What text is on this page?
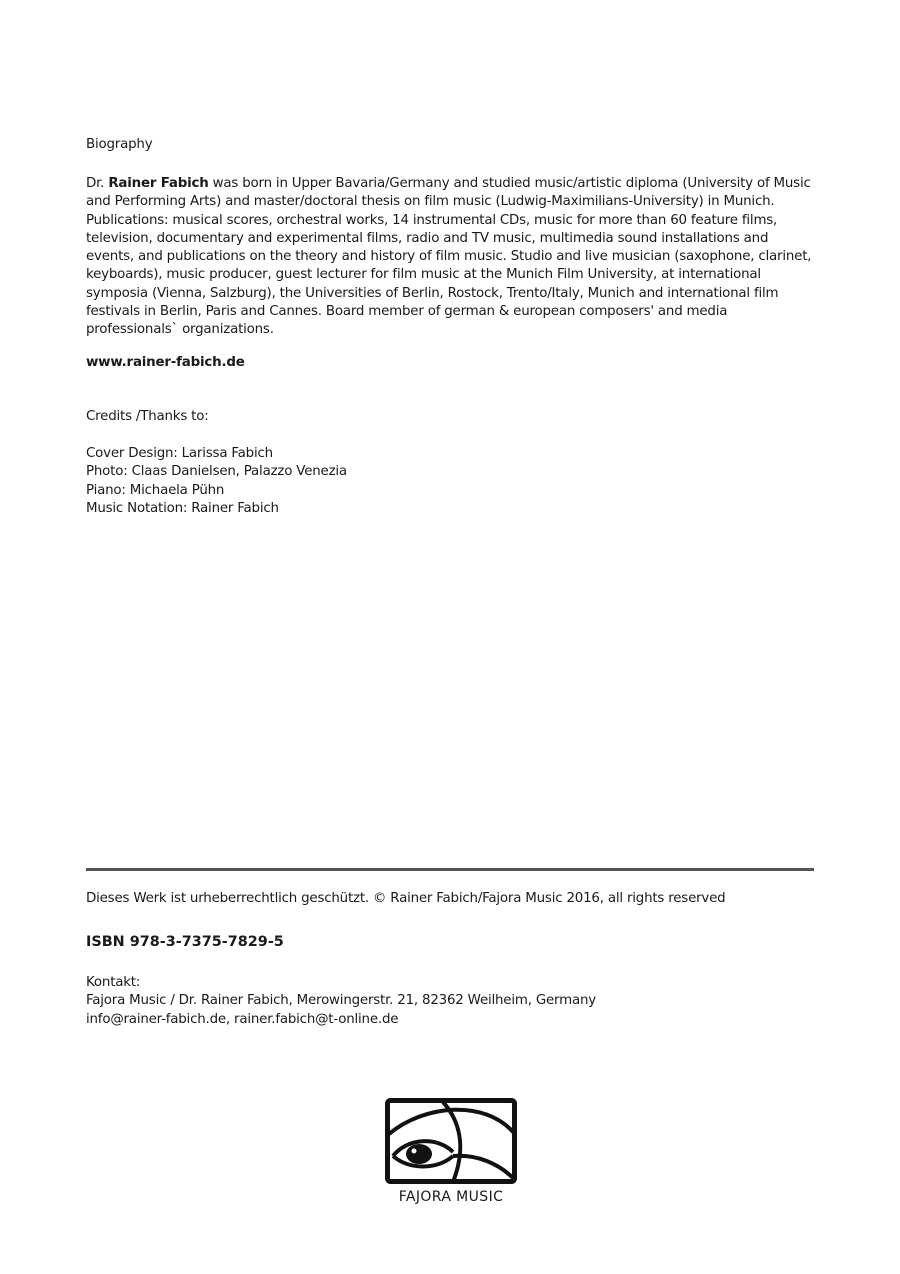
Biography
Dr. Rainer Fabich was born in Upper Bavaria/Germany and studied music/artistic diploma (University of Music and Performing Arts) and master/doctoral thesis on film music (Ludwig-Maximilians-University) in Munich. Publications: musical scores, orchestral works, 14 instrumental CDs, music for more than 60 feature films, television, documentary and experimental films, radio and TV music, multimedia sound installations and events, and publications on the theory and history of film music. Studio and live musician (saxophone, clarinet, keyboards), music producer, guest lecturer for film music at the Munich Film University, at international symposia (Vienna, Salzburg), the Universities of Berlin, Rostock, Trento/Italy, Munich and international film festivals in Berlin, Paris and Cannes. Board member of german & european composers' and media professionals` organizations.
www.rainer-fabich.de
Credits /Thanks to:
Cover Design: Larissa Fabich
Photo: Claas Danielsen, Palazzo Venezia
Piano: Michaela Pühn
Music Notation: Rainer Fabich
Dieses Werk ist urheberrechtlich geschützt. © Rainer Fabich/Fajora Music 2016, all rights reserved
ISBN 978-3-7375-7829-5
Kontakt:
Fajora Music / Dr. Rainer Fabich, Merowingerstr. 21, 82362 Weilheim, Germany
info@rainer-fabich.de, rainer.fabich@t-online.de
FAJORA MUSIC
